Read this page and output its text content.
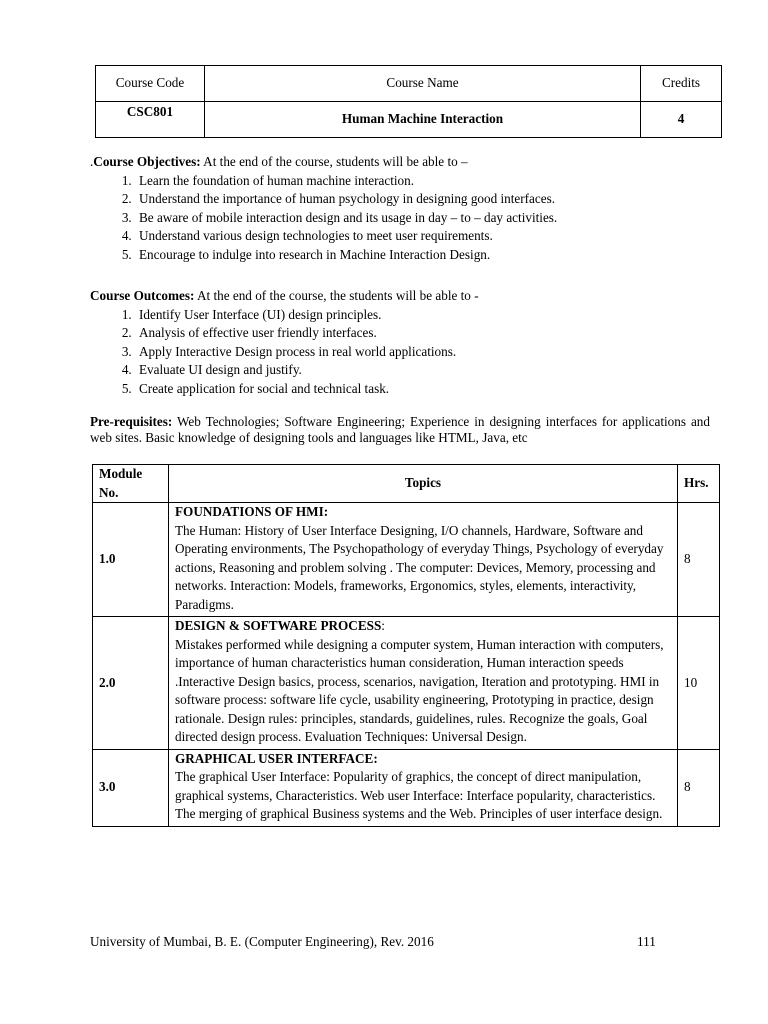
Course Code	Course Name	Credits
CSC801	Human Machine Interaction	4

.Course Objectives: At the end of the course, students will be able to –

1. Learn the foundation of human machine interaction.
2. Understand the importance of human psychology in designing good interfaces.
3. Be aware of mobile interaction design and its usage in day – to – day activities.
4. Understand various design technologies to meet user requirements.
5. Encourage to indulge into research in Machine Interaction Design.

Course Outcomes: At the end of the course, the students will be able to -

1. Identify User Interface (UI) design principles.
2. Analysis of effective user friendly interfaces.
3. Apply Interactive Design process in real world applications.
4. Evaluate UI design and justify.
5. Create application for social and technical task.

Pre-requisites: Web Technologies; Software Engineering; Experience in designing interfaces for applications and web sites. Basic knowledge of designing tools and languages like HTML, Java, etc

Module No.	Topics	Hrs.
1.0	FOUNDATIONS OF HMI:
The Human: History of User Interface Designing, I/O channels, Hardware, Software and Operating environments, The Psychopathology of everyday Things, Psychology of everyday actions, Reasoning and problem solving . The computer: Devices, Memory, processing and networks. Interaction: Models, frameworks, Ergonomics, styles, elements, interactivity, Paradigms.	8
2.0	DESIGN & SOFTWARE PROCESS:
Mistakes performed while designing a computer system, Human interaction with computers, importance of human characteristics human consideration, Human interaction speeds .Interactive Design basics, process, scenarios, navigation, Iteration and prototyping. HMI in software process: software life cycle, usability engineering, Prototyping in practice, design rationale. Design rules: principles, standards, guidelines, rules. Recognize the goals, Goal directed design process. Evaluation Techniques: Universal Design.	10
3.0	GRAPHICAL USER INTERFACE:
The graphical User Interface: Popularity of graphics, the concept of direct manipulation, graphical systems, Characteristics. Web user Interface: Interface popularity, characteristics. The merging of graphical Business systems and the Web. Principles of user interface design.	8
University of Mumbai, B. E. (Computer Engineering), Rev. 2016	111
